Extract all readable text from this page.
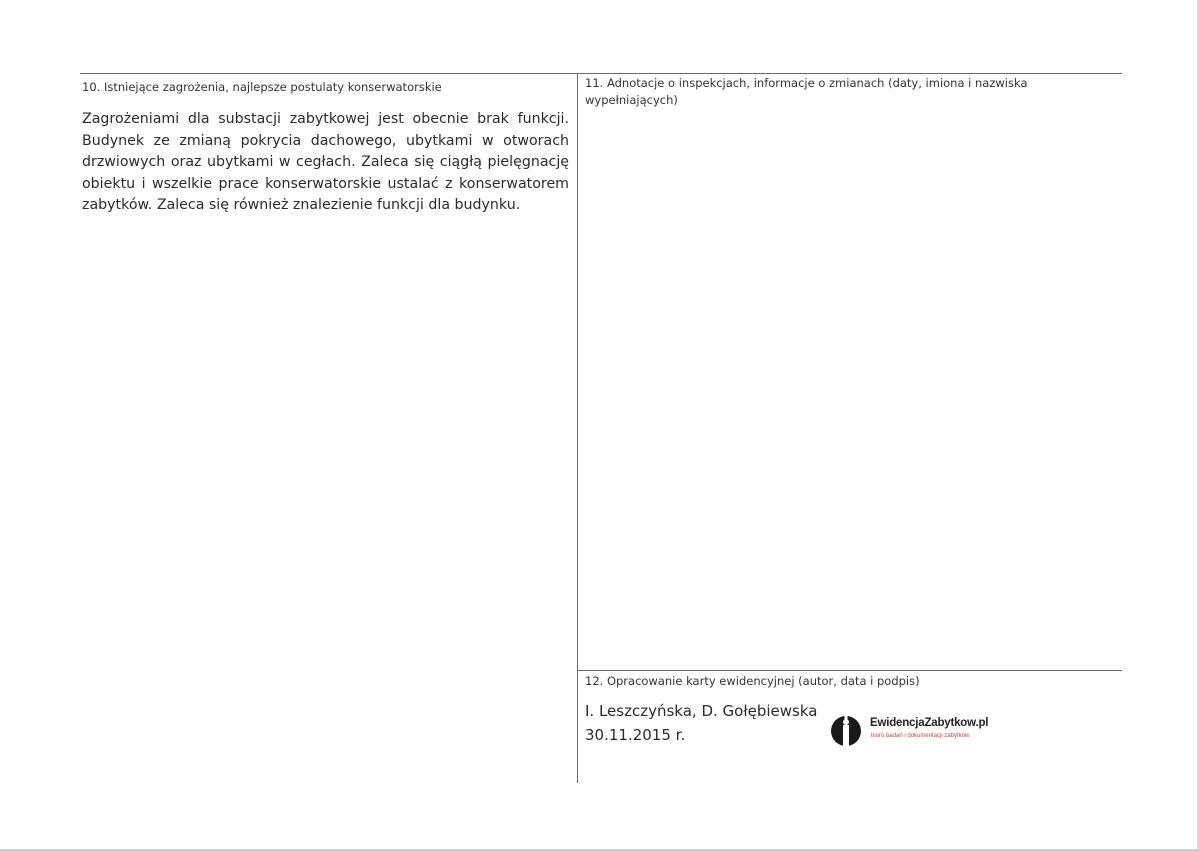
10. Istniejące zagrożenia, najlepsze postulaty konserwatorskie
Zagrożeniami dla substacji zabytkowej jest obecnie brak funkcji. Budynek ze zmianą pokrycia dachowego, ubytkami w otworach drzwiowych oraz ubytkami w cegłach. Zaleca się ciągłą pielęgnację obiektu i wszelkie prace konserwatorskie ustalać z konserwatorem zabytków. Zaleca się również znalezienie funkcji dla budynku.
11. Adnotacje o inspekcjach, informacje o zmianach (daty, imiona i nazwiska wypełniających)
12. Opracowanie karty ewidencyjnej (autor, data i podpis)
I. Leszczyńska, D. Gołębiewska
30.11.2015 r.
EwidencjaZabytkow.pl
biuro badań i dokumentacji zabytków
